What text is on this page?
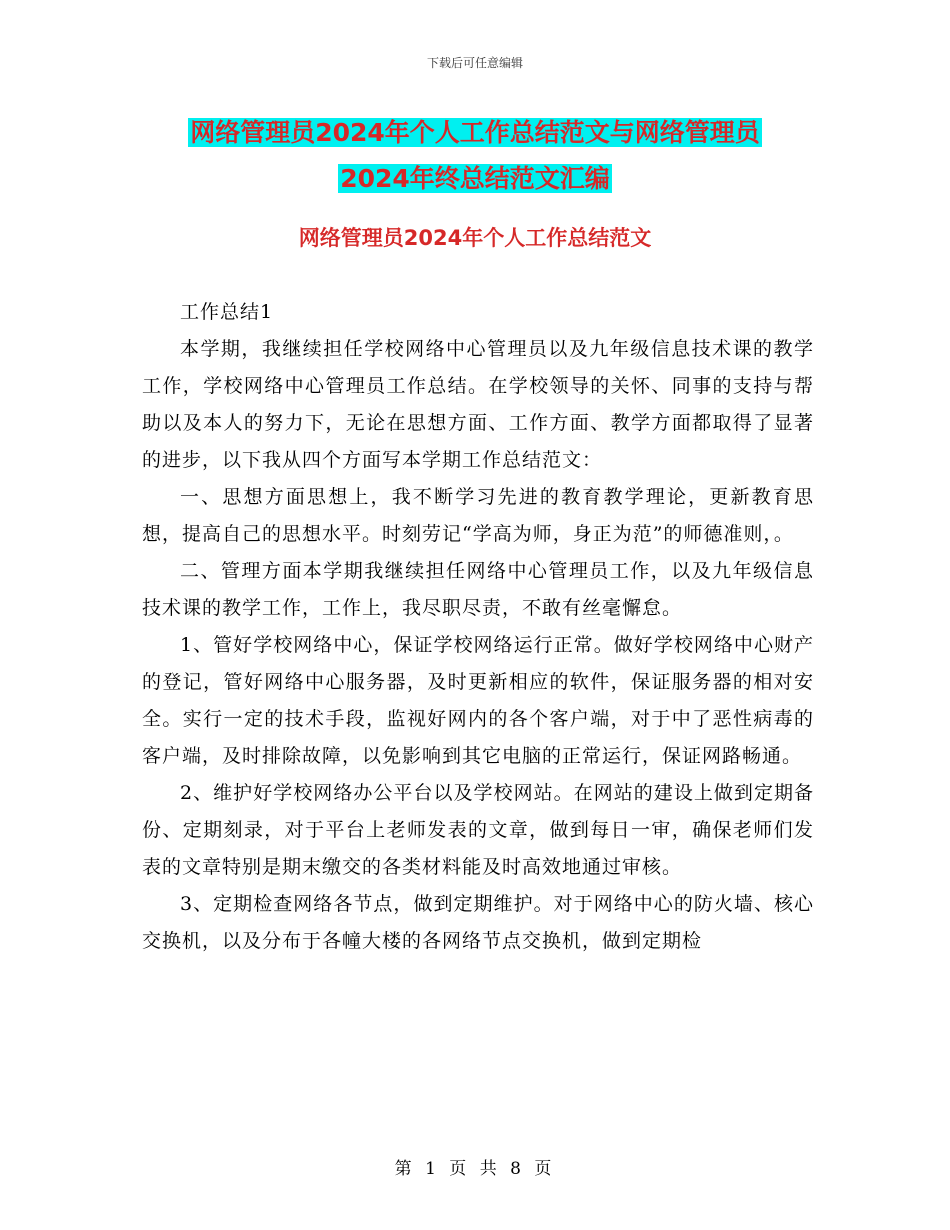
下载后可任意编辑
网络管理员2024年个人工作总结范文与网络管理员
2024年终总结范文汇编
网络管理员2024年个人工作总结范文

工作总结1

本学期，我继续担任学校网络中心管理员以及九年级信息技术课的教学工作，学校网络中心管理员工作总结。在学校领导的关怀、同事的支持与帮助以及本人的努力下，无论在思想方面、工作方面、教学方面都取得了显著的进步，以下我从四个方面写本学期工作总结范文：

一、思想方面思想上，我不断学习先进的教育教学理论，更新教育思想，提高自己的思想水平。时刻劳记“学高为师，身正为范”的师德准则，。

二、管理方面本学期我继续担任网络中心管理员工作，以及九年级信息技术课的教学工作，工作上，我尽职尽责，不敢有丝毫懈怠。

1、管好学校网络中心，保证学校网络运行正常。做好学校网络中心财产的登记，管好网络中心服务器，及时更新相应的软件，保证服务器的相对安全。实行一定的技术手段，监视好网内的各个客户端，对于中了恶性病毒的客户端，及时排除故障，以免影响到其它电脑的正常运行，保证网路畅通。

2、维护好学校网络办公平台以及学校网站。在网站的建设上做到定期备份、定期刻录，对于平台上老师发表的文章，做到每日一审，确保老师们发表的文章特别是期末缴交的各类材料能及时高效地通过审核。

3、定期检查网络各节点，做到定期维护。对于网络中心的防火墙、核心交换机，以及分布于各幢大楼的各网络节点交换机，做到定期检

第 1 页 共 8 页
